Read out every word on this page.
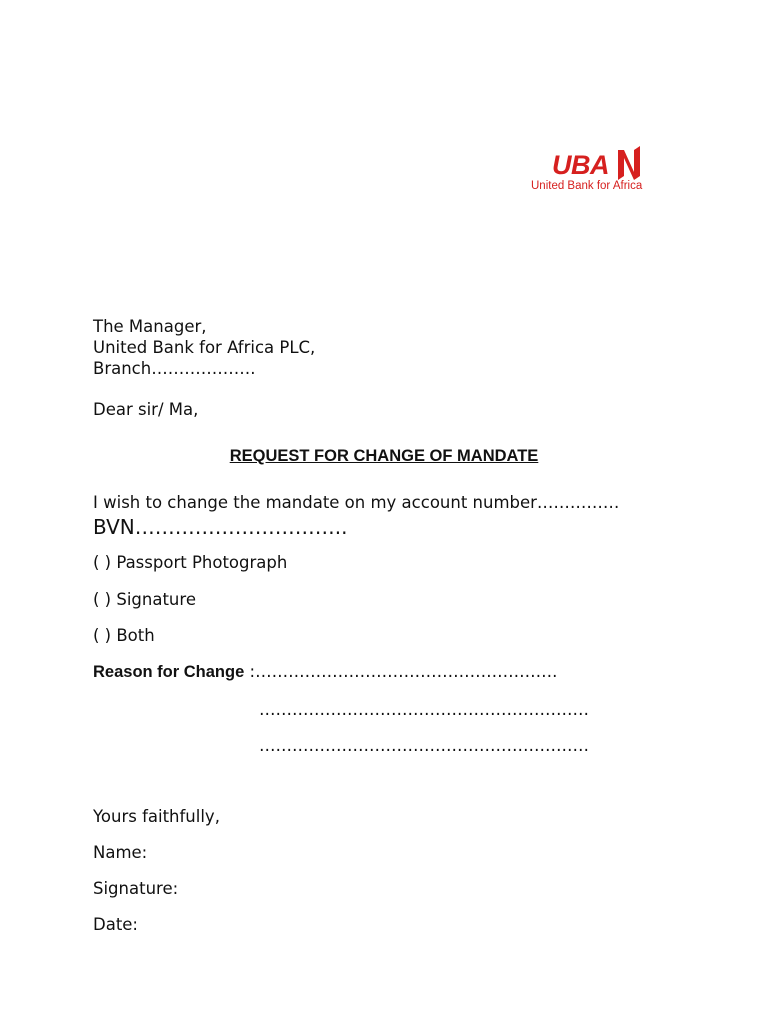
UBA
United Bank for Africa
The Manager,
United Bank for Africa PLC,
Branch……………….
Dear sir/ Ma,
REQUEST FOR CHANGE OF MANDATE
I wish to change the mandate on my account number……………
BVN…………………………..
( ) Passport Photograph
( ) Signature
( ) Both
Reason for Change :……………………………………………….
……………………………………………………
……………………………………………………
Yours faithfully,
Name:
Signature:
Date:
